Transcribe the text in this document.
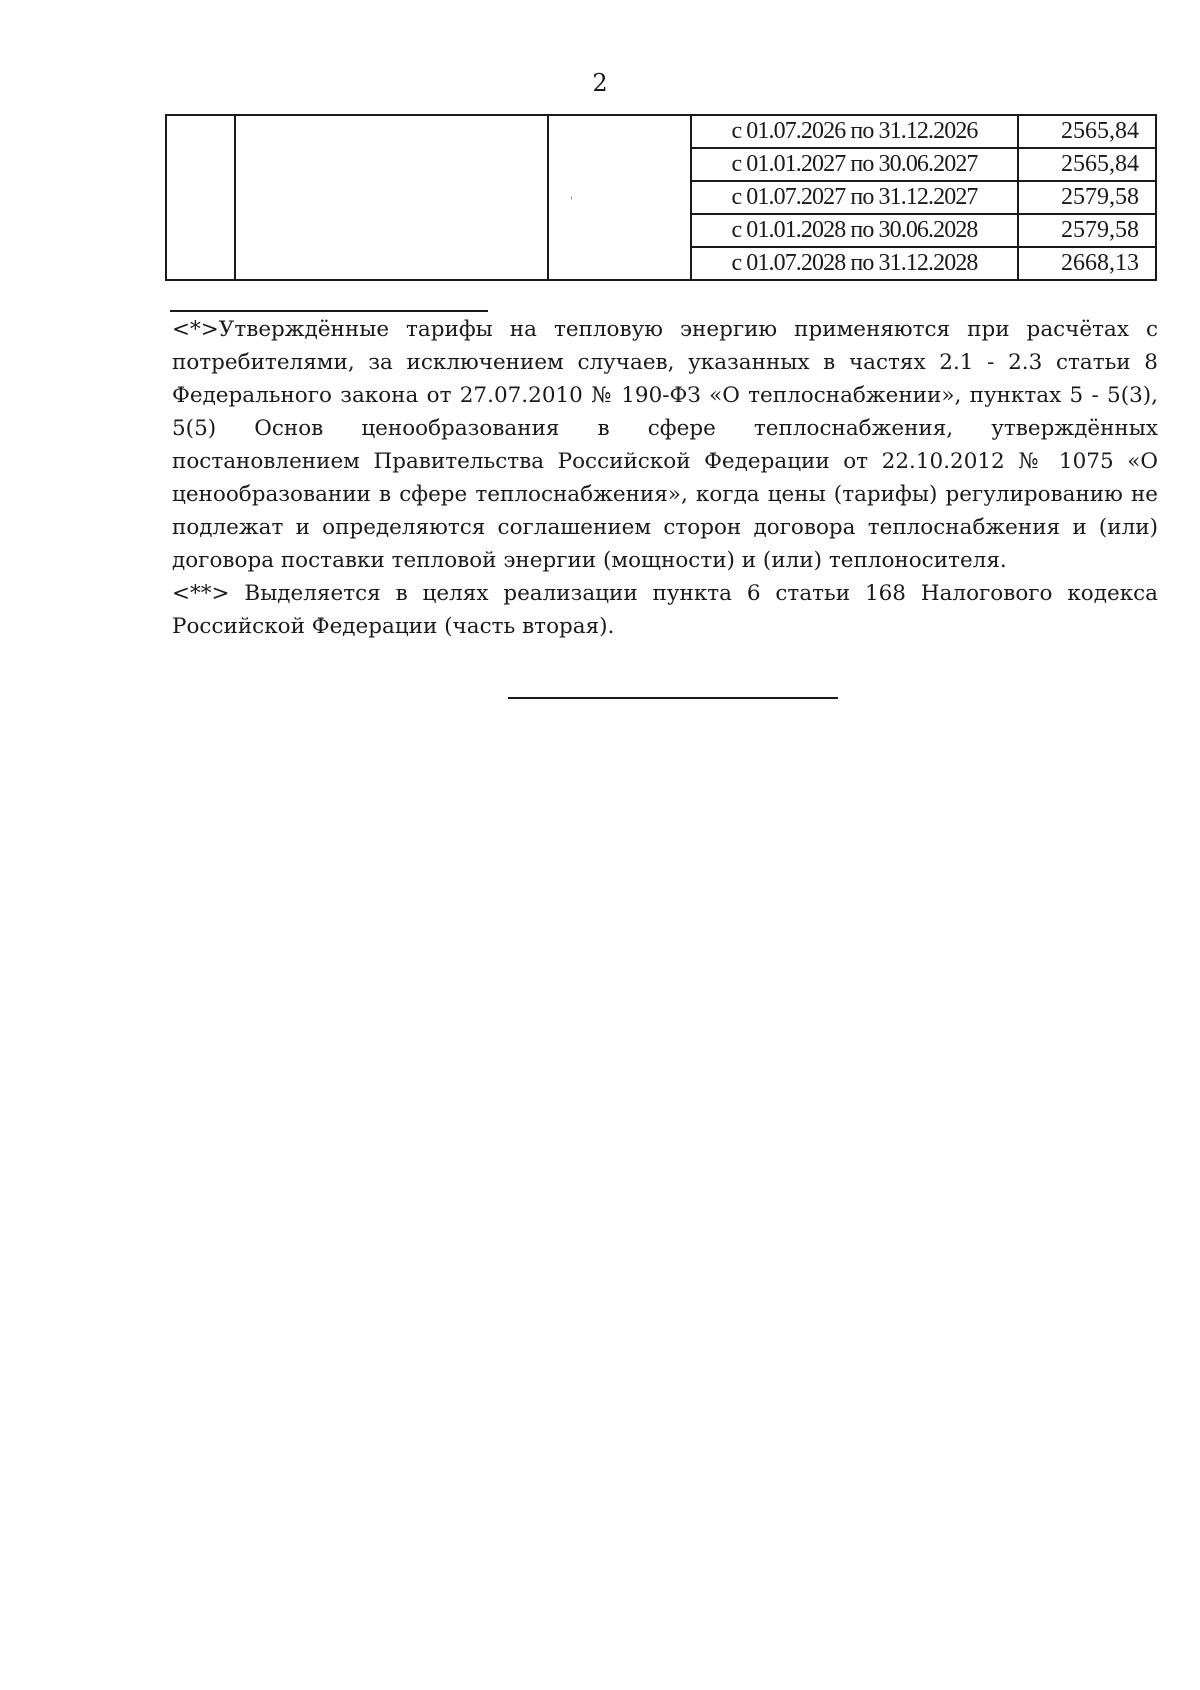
2
			с 01.07.2026 по 31.12.2026	2565,84
			с 01.01.2027 по 30.06.2027	2565,84
			с 01.07.2027 по 31.12.2027	2579,58
			с 01.01.2028 по 30.06.2028	2579,58
			с 01.07.2028 по 31.12.2028	2668,13
'

<*>Утверждённые тарифы на тепловую энергию применяются при расчётах с потребителями, за исключением случаев, указанных в частях 2.1 - 2.3 статьи 8 Федерального закона от 27.07.2010 № 190-ФЗ «О теплоснабжении», пунктах 5 - 5(3), 5(5) Основ ценообразования в сфере теплоснабжения, утверждённых постановлением Правительства Российской Федерации от 22.10.2012 № 1075 «О ценообразовании в сфере теплоснабжения», когда цены (тарифы) регулированию не подлежат и определяются соглашением сторон договора теплоснабжения и (или) договора поставки тепловой энергии (мощности) и (или) теплоносителя.

<**> Выделяется в целях реализации пункта 6 статьи 168 Налогового кодекса Российской Федерации (часть вторая).
